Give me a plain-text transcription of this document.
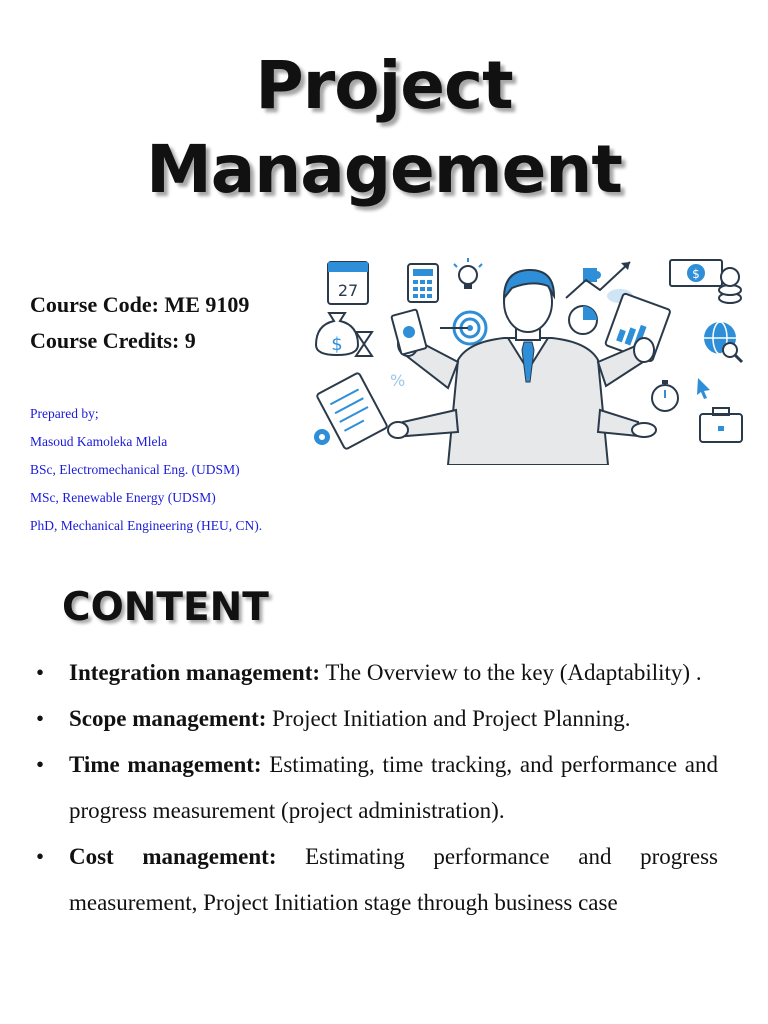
Project
Management
Course Code: ME 9109
Course Credits: 9
Prepared by;
Masoud Kamoleka Mlela
BSc, Electromechanical Eng. (UDSM)
MSc, Renewable Energy (UDSM)
PhD, Mechanical Engineering (HEU, CN).
27
$
$
%
CONTENT
• Integration management: The Overview to the key (Adaptability) .
• Scope management: Project Initiation and Project Planning.
• Time management: Estimating, time tracking, and performance and progress measurement (project administration).
• Cost management: Estimating performance and progress measurement, Project Initiation stage through business case
